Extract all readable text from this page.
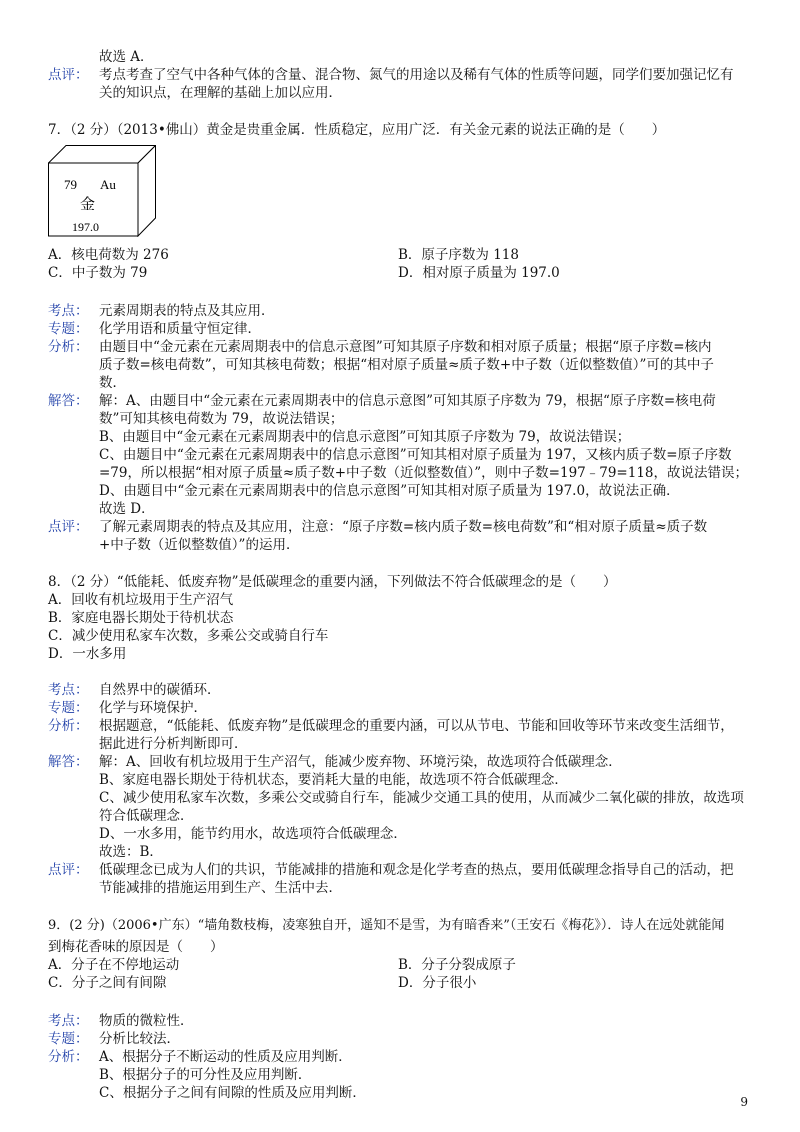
故选 A．
点评： 考点考查了空气中各种气体的含量、混合物、氮气的用途以及稀有气体的性质等问题，同学们要加强记忆有
关的知识点，在理解的基础上加以应用．
7．（2 分）（2013•佛山）黄金是贵重金属．性质稳定，应用广泛．有关金元素的说法正确的是（　　）
79 Au
金
197.0
A．核电荷数为 276	B．原子序数为 118
C．中子数为 79	D．相对原子质量为 197.0
考点： 元素周期表的特点及其应用．
专题： 化学用语和质量守恒定律．
分析： 由题目中“金元素在元素周期表中的信息示意图”可知其原子序数和相对原子质量；根据“原子序数=核内
质子数=核电荷数”，可知其核电荷数；根据“相对原子质量≈质子数+中子数（近似整数值）”可的其中子
数．
解答： 解：A、由题目中“金元素在元素周期表中的信息示意图”可知其原子序数为 79，根据“原子序数=核电荷
数”可知其核电荷数为 79，故说法错误；
B、由题目中“金元素在元素周期表中的信息示意图”可知其原子序数为 79，故说法错误；
C、由题目中“金元素在元素周期表中的信息示意图”可知其相对原子质量为 197，又核内质子数=原子序数
=79，所以根据“相对原子质量≈质子数+中子数（近似整数值）”，则中子数=197﹣79=118，故说法错误；
D、由题目中“金元素在元素周期表中的信息示意图”可知其相对原子质量为 197.0，故说法正确．
故选 D．
点评： 了解元素周期表的特点及其应用，注意：“原子序数=核内质子数=核电荷数”和“相对原子质量≈质子数
+中子数（近似整数值）”的运用．
8．（2 分）“低能耗、低废弃物”是低碳理念的重要内涵，下列做法不符合低碳理念的是（　　）
A．回收有机垃圾用于生产沼气
B．家庭电器长期处于待机状态
C．减少使用私家车次数，多乘公交或骑自行车
D．一水多用
考点： 自然界中的碳循环．
专题： 化学与环境保护．
分析： 根据题意，“低能耗、低废弃物”是低碳理念的重要内涵，可以从节电、节能和回收等环节来改变生活细节，
据此进行分析判断即可．
解答： 解：A、回收有机垃圾用于生产沼气，能减少废弃物、环境污染，故选项符合低碳理念．
B、家庭电器长期处于待机状态，要消耗大量的电能，故选项不符合低碳理念．
C、减少使用私家车次数，多乘公交或骑自行车，能减少交通工具的使用，从而减少二氧化碳的排放，故选项
符合低碳理念．
D、一水多用，能节约用水，故选项符合低碳理念．
故选：B．
点评： 低碳理念已成为人们的共识，节能减排的措施和观念是化学考查的热点，要用低碳理念指导自己的活动，把
节能减排的措施运用到生产、生活中去．
9．(2 分)（2006•广东）“墙角数枝梅，凌寒独自开，遥知不是雪，为有暗香来”（王安石《梅花》）．诗人在远处就能闻
到梅花香味的原因是（　　）
A．分子在不停地运动	B．分子分裂成原子
C．分子之间有间隙	D．分子很小
考点： 物质的微粒性．
专题： 分析比较法．
分析： A、根据分子不断运动的性质及应用判断．
B、根据分子的可分性及应用判断．
C、根据分子之间有间隙的性质及应用判断．
9
